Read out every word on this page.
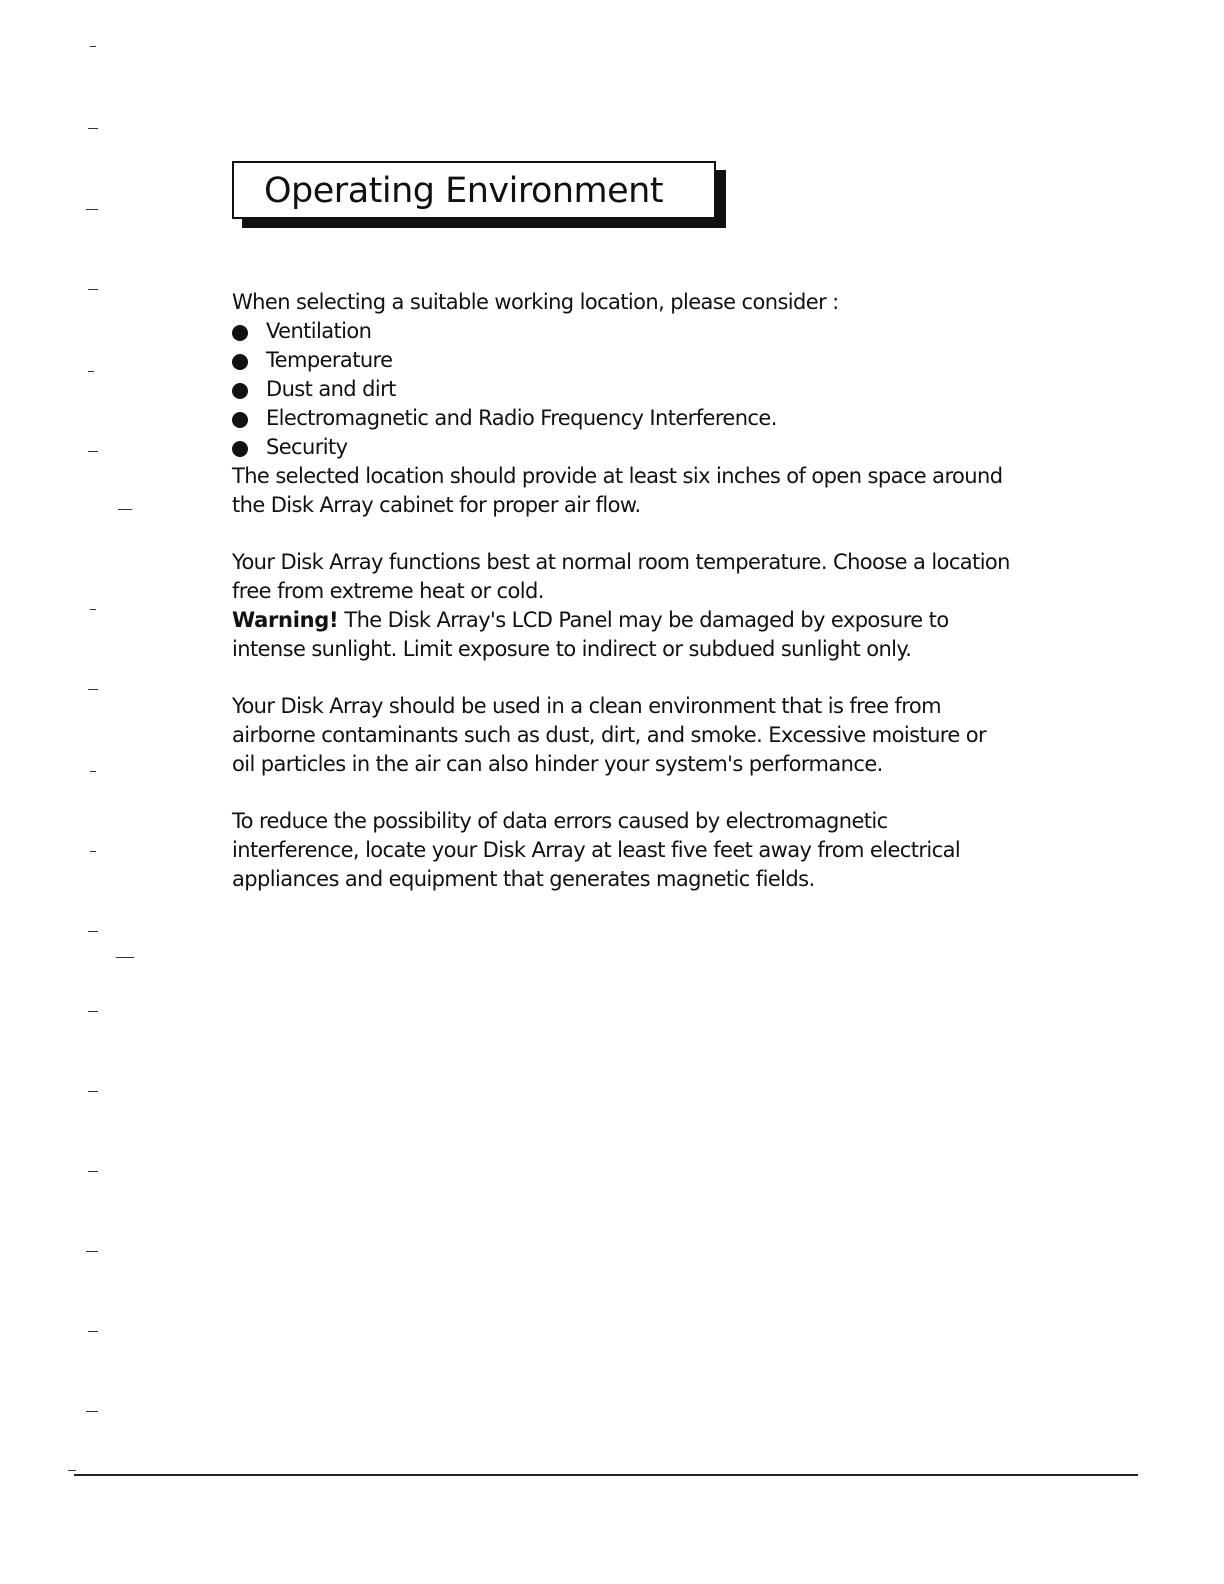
Operating Environment

When selecting a suitable working location, please consider :

Ventilation
Temperature
Dust and dirt
Electromagnetic and Radio Frequency Interference.
Security

The selected location should provide at least six inches of open space around the Disk Array cabinet for proper air flow.

Your Disk Array functions best at normal room temperature. Choose a location free from extreme heat or cold.

Warning! The Disk Array's LCD Panel may be damaged by exposure to intense sunlight. Limit exposure to indirect or subdued sunlight only.

Your Disk Array should be used in a clean environment that is free from airborne contaminants such as dust, dirt, and smoke. Excessive moisture or oil particles in the air can also hinder your system's performance.

To reduce the possibility of data errors caused by electromagnetic interference, locate your Disk Array at least five feet away from electrical appliances and equipment that generates magnetic fields.
